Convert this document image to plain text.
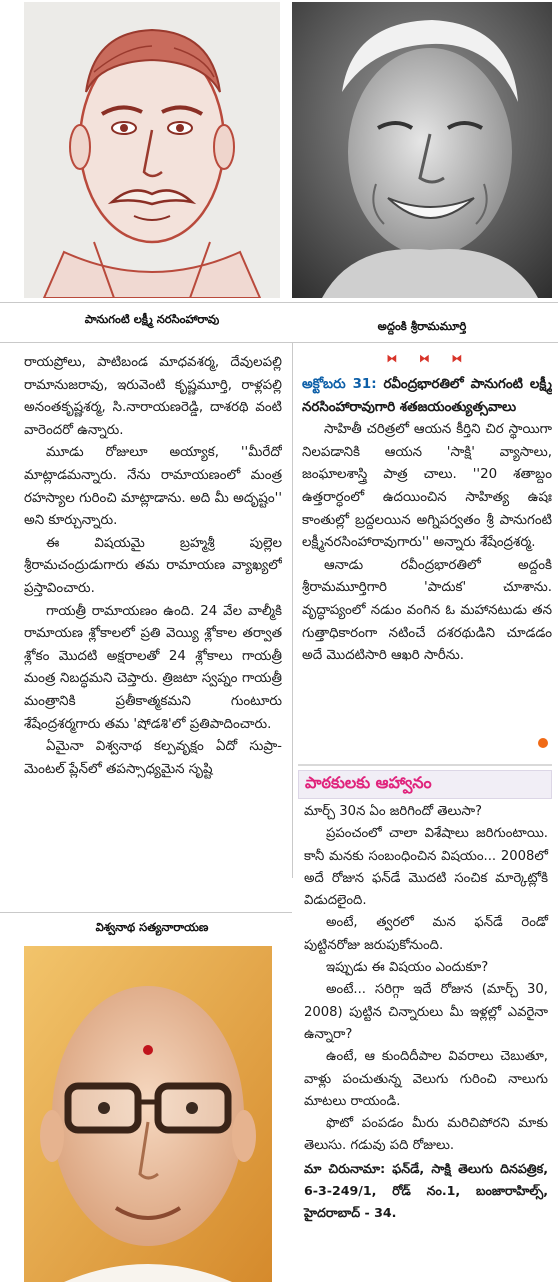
పానుగంటి లక్ష్మీ నరసింహారావు	అద్దంకి శ్రీరామమూర్తి

రాయప్రోలు, పాటిబండ మాధవశర్మ, దేవులపల్లి రామానుజరావు, ఇరువెంటి కృష్ణమూర్తి, రాళ్లపల్లి అనంతకృష్ణశర్మ, సి.నారాయణరెడ్డి, దాశరథి వంటి వారెందరో ఉన్నారు.

మూడు రోజులూ అయ్యాక, ''మీరేదో మాట్లాడమన్నారు. నేను రామాయణంలో మంత్ర రహస్యాల గురించి మాట్లాడాను. అది మీ అదృష్టం'' అని కూర్చున్నారు.

ఈ విషయమై బ్రహ్మశ్రీ పుల్లెల శ్రీరామచంద్రుడుగారు తమ రామాయణ వ్యాఖ్యలో ప్రస్తావించారు.

గాయత్రీ రామాయణం ఉంది. 24 వేల వాల్మీకి రామాయణ శ్లోకాలలో ప్రతి వెయ్యి శ్లోకాల తర్వాత శ్లోకం మొదటి అక్షరాలతో 24 శ్లోకాలు గాయత్రీ మంత్ర నిబద్ధమని చెప్తారు. త్రిజటా స్వప్నం గాయత్రీ మంత్రానికి ప్రతీకాత్మకమని గుంటూరు శేషేంద్రశర్మగారు తమ 'షోడశి'లో ప్రతిపాదించారు.

ఏమైనా విశ్వనాథ కల్పవృక్షం ఏదో సుప్రా-మెంటల్ ప్లేన్‌లో తపస్సాధ్యమైన సృష్టి

⧓ ⧓ ⧓

అక్టోబరు 31: రవీంద్రభారతిలో పానుగంటి లక్ష్మీ నరసింహారావుగారి శతజయంత్యుత్సవాలు

సాహితీ చరిత్రలో ఆయన కీర్తిని చిర స్థాయిగా నిలపడానికి ఆయన 'సాక్షి' వ్యాసాలు, జంఘాలశాస్త్రి పాత్ర చాలు. ''20 శతాబ్దం ఉత్తరార్ధంలో ఉదయించిన సాహిత్య ఉషః కాంతుల్లో బ్రద్దలయిన అగ్నిపర్వతం శ్రీ పానుగంటి లక్ష్మీనరసింహారావుగారు'' అన్నారు శేషేంద్రశర్మ.

ఆనాడు రవీంద్రభారతిలో అద్దంకి శ్రీరామమూర్తిగారి 'పాదుక' చూశాను. వృద్ధాప్యంలో నడుం వంగిన ఓ మహానటుడు తన గుత్తాధికారంగా నటించే దశరథుడిని చూడడం అదే మొదటిసారి ఆఖరి సారీను.

పాఠకులకు ఆహ్వానం

మార్చ్ 30న ఏం జరిగిందో తెలుసా?

ప్రపంచంలో చాలా విశేషాలు జరిగుంటాయి. కానీ మనకు సంబంధించిన విషయం... 2008లో అదే రోజున ఫన్‌డే మొదటి సంచిక మార్కెట్లోకి విడుదలైంది.

అంటే, త్వరలో మన ఫన్‌డే రెండో పుట్టినరోజు జరుపుకోనుంది.

ఇప్పుడు ఈ విషయం ఎందుకూ?

అంటే... సరిగ్గా ఇదే రోజున (మార్చ్ 30, 2008) పుట్టిన చిన్నారులు మీ ఇళ్లల్లో ఎవరైనా ఉన్నారా?

ఉంటే, ఆ కుందిదీపాల వివరాలు చెబుతూ, వాళ్లు పంచుతున్న వెలుగు గురించి నాలుగు మాటలు రాయండి.

ఫొటో పంపడం మీరు మరిచిపోరని మాకు తెలుసు. గడువు పది రోజులు.

మా చిరునామా: ఫన్‌డే, సాక్షి తెలుగు దినపత్రిక, 6-3-249/1, రోడ్ నం.1, బంజారాహిల్స్, హైదరాబాద్ - 34.

విశ్వనాథ సత్యనారాయణ
